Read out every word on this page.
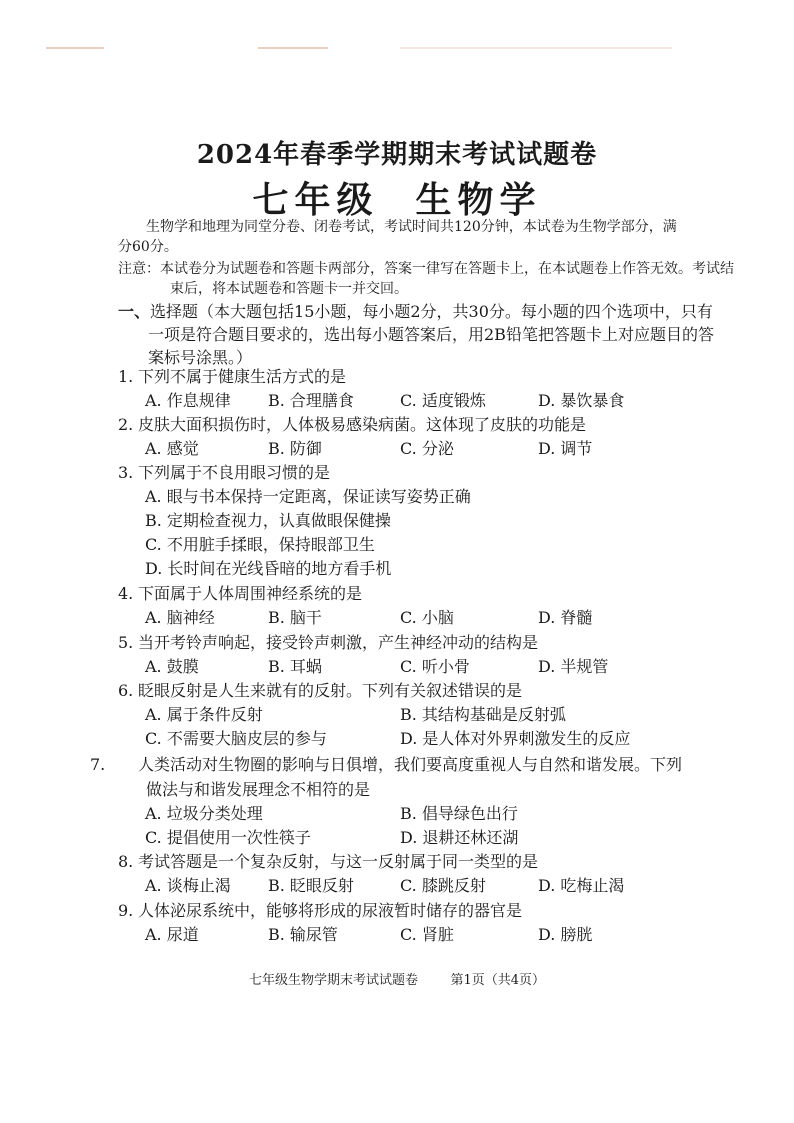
2024年春季学期期末考试试题卷
七年级  生物学
生物学和地理为同堂分卷、闭卷考试，考试时间共120分钟，本试卷为生物学部分，满分60分。
注意：本试卷分为试题卷和答题卡两部分，答案一律写在答题卡上，在本试题卷上作答无效。考试结束后，将本试题卷和答题卡一并交回。
一、选择题（本大题包括15小题，每小题2分，共30分。每小题的四个选项中，只有一项是符合题目要求的，选出每小题答案后，用2B铅笔把答题卡上对应题目的答案标号涂黑。）
1. 下列不属于健康生活方式的是
A. 作息规律 B. 合理膳食	C. 适度锻炼	D. 暴饮暴食
2. 皮肤大面积损伤时，人体极易感染病菌。这体现了皮肤的功能是
A. 感觉	B. 防御	C. 分泌	D. 调节
3. 下列属于不良用眼习惯的是
A. 眼与书本保持一定距离，保证读写姿势正确
B. 定期检查视力，认真做眼保健操
C. 不用脏手揉眼，保持眼部卫生
D. 长时间在光线昏暗的地方看手机
4. 下面属于人体周围神经系统的是
A. 脑神经	B. 脑干	C. 小脑	D. 脊髓
5. 当开考铃声响起，接受铃声刺激，产生神经冲动的结构是
A. 鼓膜	B. 耳蜗	C. 听小骨	D. 半规管
6. 眨眼反射是人生来就有的反射。下列有关叙述错误的是
A. 属于条件反射	B. 其结构基础是反射弧
C. 不需要大脑皮层的参与	D. 是人体对外界刺激发生的反应
7. 人类活动对生物圈的影响与日俱增，我们要高度重视人与自然和谐发展。下列做法与和谐发展理念不相符的是
A. 垃圾分类处理	B. 倡导绿色出行
C. 提倡使用一次性筷子	D. 退耕还林还湖
8. 考试答题是一个复杂反射，与这一反射属于同一类型的是
A. 谈梅止渴 B. 眨眼反射	C. 膝跳反射	D. 吃梅止渴
9. 人体泌尿系统中，能够将形成的尿液暂时储存的器官是
A. 尿道	B. 输尿管	C. 肾脏	D. 膀胱
七年级生物学期末考试试题卷    第1页（共4页）
